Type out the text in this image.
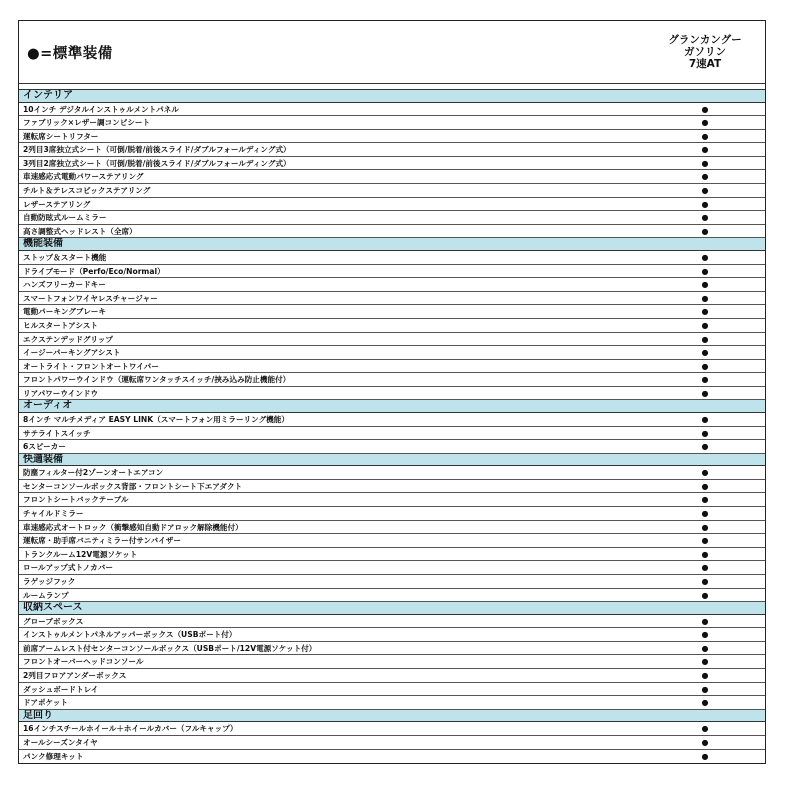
●=標準装備
グランカングー
ガソリン
7速AT
インテリア
10インチ デジタルインストゥルメントパネル	●
ファブリック×レザー調コンビシート	●
運転席シートリフター	●
2列目3席独立式シート（可倒/脱着/前後スライド/ダブルフォールディング式）	●
3列目2席独立式シート（可倒/脱着/前後スライド/ダブルフォールディング式）	●
車速感応式電動パワーステアリング	●
チルト＆テレスコピックステアリング	●
レザーステアリング	●
自動防眩式ルームミラー	●
高さ調整式ヘッドレスト（全席）	●
機能装備
ストップ＆スタート機能	●
ドライブモード（Perfo/Eco/Normal）	●
ハンズフリーカードキー	●
スマートフォンワイヤレスチャージャー	●
電動パーキングブレーキ	●
ヒルスタートアシスト	●
エクステンデッドグリップ	●
イージーパーキングアシスト	●
オートライト・フロントオートワイパー	●
フロントパワーウインドウ（運転席ワンタッチスイッチ/挟み込み防止機能付）	●
リアパワーウインドウ	●
オーディオ
8インチ マルチメディア EASY LINK（スマートフォン用ミラーリング機能）	●
サテライトスイッチ	●
6スピーカー	●
快適装備
防塵フィルター付2ゾーンオートエアコン	●
センターコンソールボックス背部・フロントシート下エアダクト	●
フロントシートバックテーブル	●
チャイルドミラー	●
車速感応式オートロック（衝撃感知自動ドアロック解除機能付）	●
運転席・助手席バニティミラー付サンバイザー	●
トランクルーム12V電源ソケット	●
ロールアップ式トノカバー	●
ラゲッジフック	●
ルームランプ	●
収納スペース
グローブボックス	●
インストゥルメントパネルアッパーボックス（USBポート付）	●
前席アームレスト付センターコンソールボックス（USBポート/12V電源ソケット付）	●
フロントオーバーヘッドコンソール	●
2列目フロアアンダーボックス	●
ダッシュボードトレイ	●
ドアポケット	●
足回り
16インチスチールホイール＋ホイールカバー（フルキャップ）	●
オールシーズンタイヤ	●
パンク修理キット	●
